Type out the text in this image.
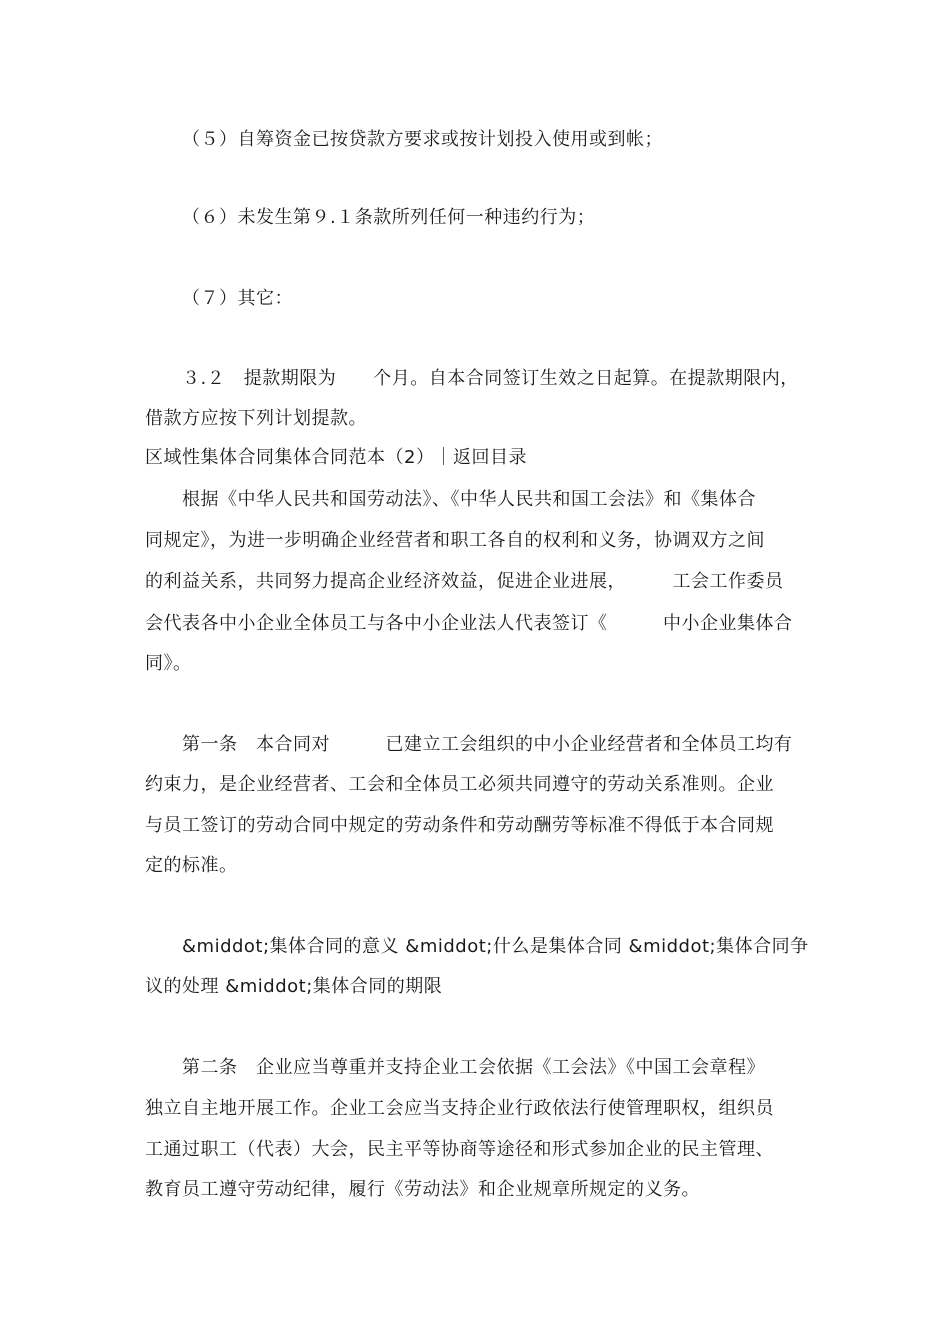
（５）自筹资金已按贷款方要求或按计划投入使用或到帐；
（６）未发生第９.１条款所列任何一种违约行为；
（７）其它：
３.２　提款期限为　　个月。自本合同签订生效之日起算。在提款期限内，
借款方应按下列计划提款。
区域性集体合同集体合同范本（2）｜返回目录
根据《中华人民共和国劳动法》、《中华人民共和国工会法》和《集体合
同规定》，为进一步明确企业经营者和职工各自的权利和义务，协调双方之间
的利益关系，共同努力提高企业经济效益，促进企业进展，　　　工会工作委员
会代表各中小企业全体员工与各中小企业法人代表签订《　　　中小企业集体合
同》。
第一条　本合同对　　　已建立工会组织的中小企业经营者和全体员工均有
约束力，是企业经营者、工会和全体员工必须共同遵守的劳动关系准则。企业
与员工签订的劳动合同中规定的劳动条件和劳动酬劳等标准不得低于本合同规
定的标准。
&middot;集体合同的意义 &middot;什么是集体合同 &middot;集体合同争
议的处理 &middot;集体合同的期限
第二条　企业应当尊重并支持企业工会依据《工会法》《中国工会章程》
独立自主地开展工作。企业工会应当支持企业行政依法行使管理职权，组织员
工通过职工（代表）大会，民主平等协商等途径和形式参加企业的民主管理、
教育员工遵守劳动纪律，履行《劳动法》和企业规章所规定的义务。
